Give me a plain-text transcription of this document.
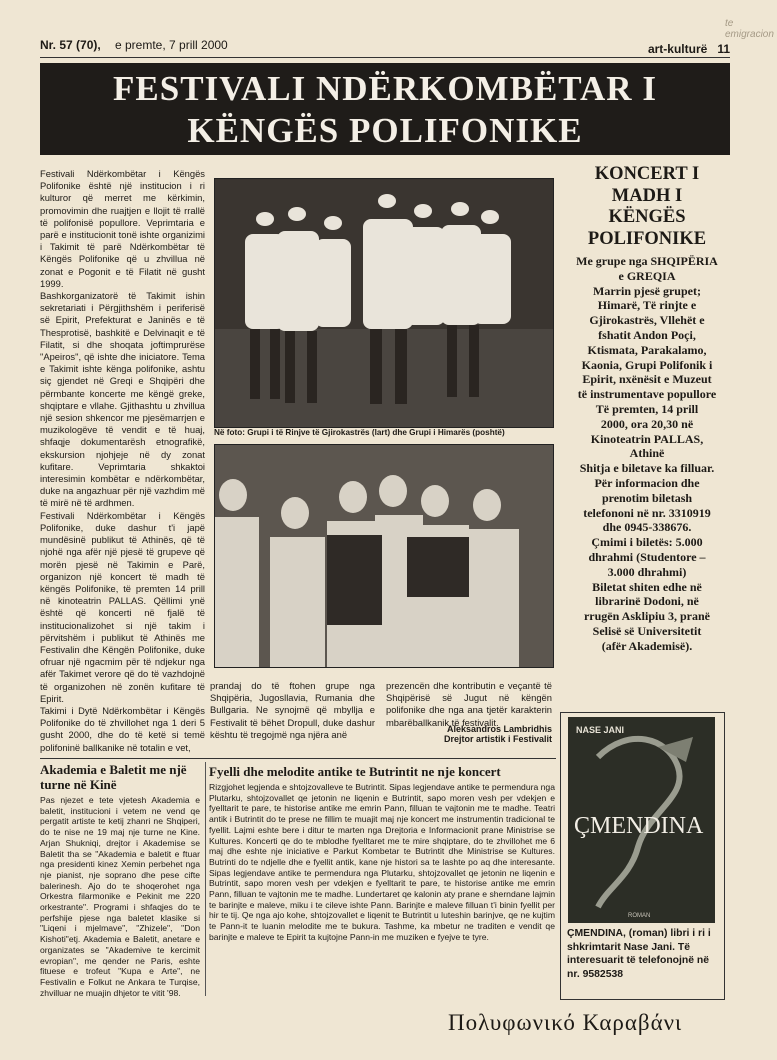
Nr. 57 (70), e premte, 7 prill 2000	art-kulturë 11
te emigracion
FESTIVALI NDËRKOMBËTAR I
KËNGËS POLIFONIKE

Festivali Ndërkombëtar i Këngës Polifonike është një institucion i ri kulturor që merret me kërkimin, promovimin dhe ruajtjen e llojit të rrallë të polifonisë popullore. Veprimtaria e parë e institucionit tonë ishte organizimi i Takimit të parë Ndërkombëtar të Këngës Polifonike që u zhvillua në zonat e Pogonit e të Filatit në gusht 1999.

Bashkorganizatorë të Takimit ishin sekretariati i Përgjithshëm i periferisë së Epirit, Prefekturat e Janinës e të Thesprotisë, bashkitë e Delvinaqit e të Filatit, si dhe shoqata joftimprurëse "Apeiros", që ishte dhe iniciatore. Tema e Takimit ishte kënga polifonike, ashtu siç gjendet në Greqi e Shqipëri dhe përmbante koncerte me këngë greke, shqiptare e vllahe. Gjithashtu u zhvillua një sesion shkencor me pjesëmarrjen e muzikologëve të vendit e të huaj, shfaqje dokumentarësh etnografikë, ekskursion njohjeje në dy zonat kufitare. Veprimtaria shkaktoi interesimin kombëtar e ndërkombëtar, duke na angazhuar për një vazhdim më të mirë në të ardhmen.

Festivali Ndërkombëtar i Këngës Polifonike, duke dashur t'i japë mundësinë publikut të Athinës, që të njohë nga afër një pjesë të grupeve që morën pjesë në Takimin e Parë, organizon një koncert të madh të këngës Polifonike, të premten 14 prill në kinoteatrin PALLAS. Qëllimi ynë është që koncerti në fjalë të institucionalizohet si një takim i përvitshëm i publikut të Athinës me Festivalin dhe Këngën Polifonike, duke ofruar një ngacmim për të ndjekur nga afër Takimet verore që do të vazhdojnë të organizohen në zonën kufitare të Epirit.

Takimi i Dytë Ndërkombëtar i Këngës Polifonike do të zhvillohet nga 1 deri 5 gusht 2000, dhe do të ketë si temë polifoninë ballkanike në totalin e vet,

Në foto: Grupi i të Rinjve të Gjirokastrës (lart) dhe Grupi i Himarës (poshtë)
prandaj do të ftohen grupe nga Shqipëria, Jugosllavia, Rumania dhe Bullgaria. Ne synojmë që mbyllja e Festivalit të bëhet Dropull, duke dashur kështu të tregojmë nga njëra anë
prezencën dhe kontributin e veçantë të Shqipërisë së Jugut në këngën polifonike dhe nga ana tjetër karakterin mbarëballkanik të festivalit.
Aleksandros Lambridhis
Drejtor artistik i Festivalit
KONCERT I
MADH I
KËNGËS
POLIFONIKE
Me grupe nga SHQIPËRIA
e GREQIA
Marrin pjesë grupet;
Himarë, Të rinjte e
Gjirokastrës, Vllehët e
fshatit Andon Poçi,
Ktismata, Parakalamo,
Kaonia, Grupi Polifonik i
Epirit, nxënësit e Muzeut
të instrumentave popullore
Të premten, 14 prill
2000, ora 20,30 në
Kinoteatrin PALLAS,
Athinë
Shitja e biletave ka filluar.
Për informacion dhe
prenotim biletash
telefononi në nr. 3310919
dhe 0945-338676.
Çmimi i biletës: 5.000
dhrahmi (Studentore –
3.000 dhrahmi)
Biletat shiten edhe në
librarinë Dodoni, në
rrugën Asklipiu 3, pranë
Selisë së Universitetit
(afër Akademisë).
NASE JANI
ÇMENDINA
ROMAN
ÇMENDINA, (roman) libri i ri i shkrimtarit Nase Jani. Të interesuarit të telefonojnë në nr. 9582538
Akademia e Baletit me një turne në Kinë
Pas njezet e tete vjetesh Akademia e baletit, institucioni i vetem ne vend qe pergatit artiste te ketij zhanri ne Shqiperi, do te nise ne 19 maj nje turne ne Kine. Arjan Shukniqi, drejtor i Akademise se Baletit tha se "Akademia e baletit e ftuar nga presidenti kinez Xemin perbehet nga nje pianist, nje soprano dhe pese cifte balerinesh. Ajo do te shoqerohet nga Orkestra filarmonike e Pekinit me 220 orkestrante". Programi i shfaqjes do te perfshije pjese nga baletet klasike si "Liqeni i mjelmave", "Zhizele", "Don Kishoti"etj. Akademia e Baletit, anetare e organizates se "Akademive te kercimit evropian", me qender ne Paris, eshte fituese e trofeut "Kupa e Arte", ne Festivalin e Folkut ne Ankara te Turqise, zhvilluar ne muajin dhjetor te vitit '98.
Fyelli dhe melodite antike te Butrintit ne nje koncert
Rizgjohet legjenda e shtojzovalleve te Butrintit. Sipas legjendave antike te permendura nga Plutarku, shtojzovallet qe jetonin ne liqenin e Butrintit, sapo moren vesh per vdekjen e fyelltarit te pare, te historise antike me emrin Pann, filluan te vajtonin me te madhe. Teatri antik i Butrintit do te prese ne fillim te muajit maj nje koncert me instrumentin tradicional te fyellit. Lajmi eshte bere i ditur te marten nga Drejtoria e Informacionit prane Ministrise se Kultures. Koncerti qe do te mblodhe fyelltaret me te mire shqiptare, do te zhvillohet me 6 maj dhe eshte nje iniciative e Parkut Kombetar te Butrintit dhe Ministrise se Kultures. Butrinti do te ndjelle dhe e fyellit antik, kane nje histori sa te lashte po aq dhe interesante. Sipas legjendave antike te permendura nga Plutarku, shtojzovallet qe jetonin ne liqenin e Butrintit, sapo moren vesh per vdekjen e fyelltarit te pare, te historise antike me emrin Pann, filluan te vajtonin me te madhe. Lundertaret qe kalonin aty prane e sherndane lajmin te barinjte e maleve, miku i te cileve ishte Pann. Barinjte e maleve filluan t'i binin fyellit per hir te tij. Qe nga ajo kohe, shtojzovallet e liqenit te Butrintit u luteshin barinjve, qe ne kujtim te Pann-it te luanin melodite me te bukura. Tashme, ka mbetur ne traditen e vendit qe barinjte e maleve te Epirit ta kujtojne Pann-in me muziken e fyejve te tyre.
Πολυφωνικό Καραβάνι
